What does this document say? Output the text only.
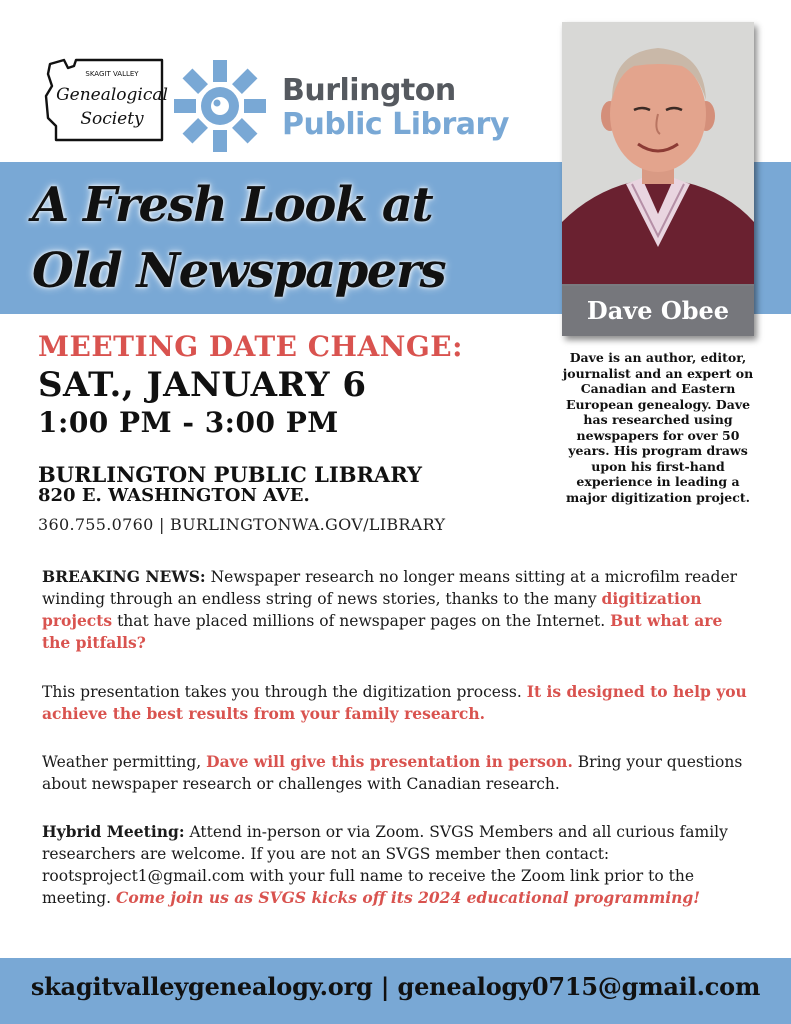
SKAGIT VALLEY
Genealogical
Society
Burlington
Public Library
A Fresh Look at
Old Newspapers
Dave Obee

Dave is an author, editor, journalist and an expert on Canadian and Eastern European genealogy. Dave has researched using newspapers for over 50 years. His program draws upon his first-hand experience in leading a major digitization project.

MEETING DATE CHANGE:
SAT., JANUARY 6
1:00 PM - 3:00 PM
BURLINGTON PUBLIC LIBRARY
820 E. WASHINGTON AVE.
360.755.0760 | BURLINGTONWA.GOV/LIBRARY

BREAKING NEWS: Newspaper research no longer means sitting at a microfilm reader winding through an endless string of news stories, thanks to the many digitization projects that have placed millions of newspaper pages on the Internet. But what are the pitfalls?

This presentation takes you through the digitization process. It is designed to help you achieve the best results from your family research.

Weather permitting, Dave will give this presentation in person. Bring your questions about newspaper research or challenges with Canadian research.

Hybrid Meeting: Attend in-person or via Zoom. SVGS Members and all curious family researchers are welcome. If you are not an SVGS member then contact: rootsproject1@gmail.com with your full name to receive the Zoom link prior to the meeting. Come join us as SVGS kicks off its 2024 educational programming!

skagitvalleygenealogy.org | genealogy0715@gmail.com
